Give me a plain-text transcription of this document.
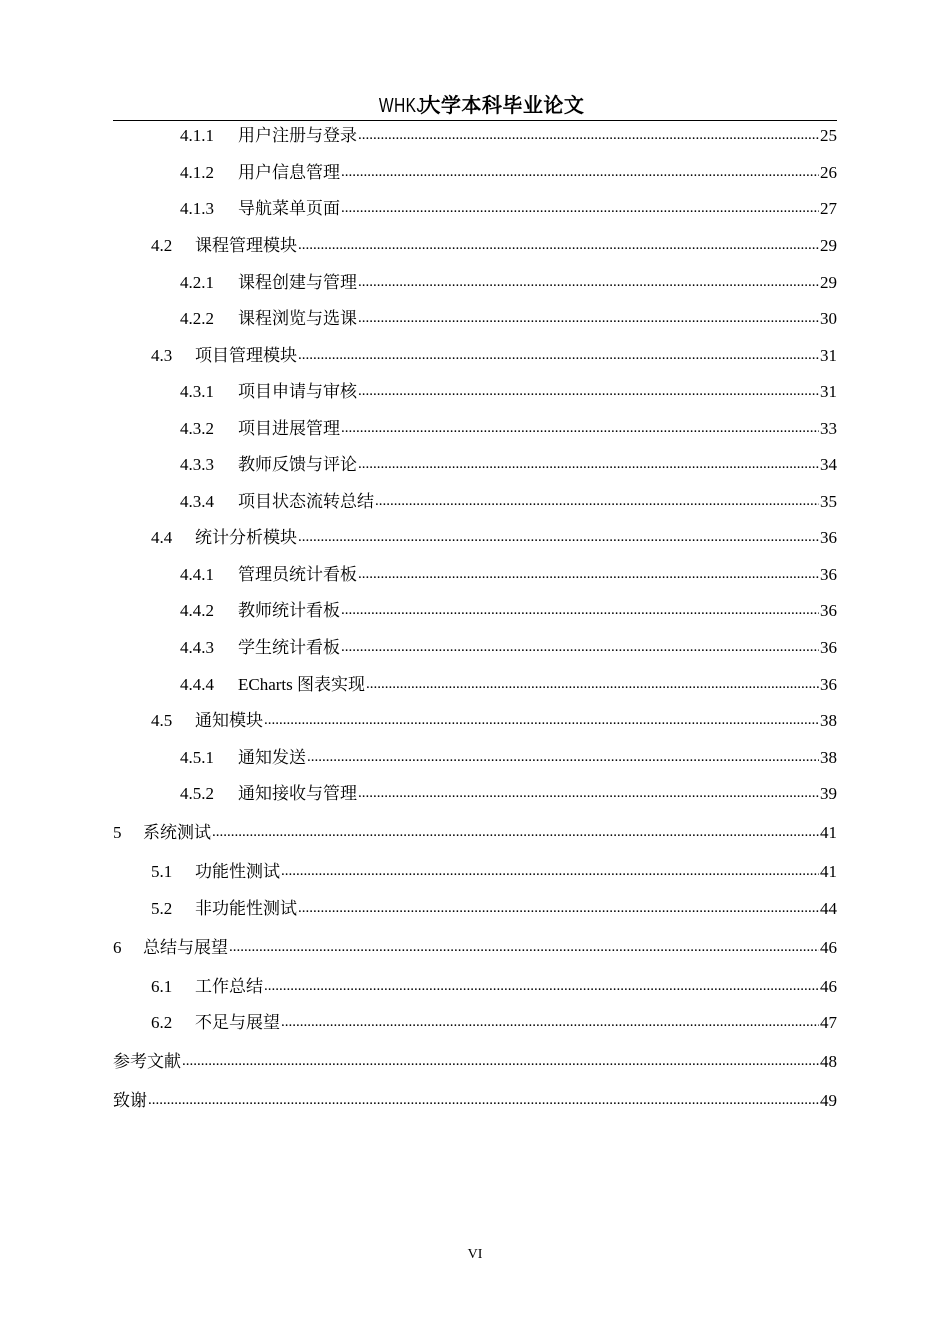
WHKJ大学本科毕业论文
4.1.1	用户注册与登录 .....	25
4.1.2	用户信息管理 .....	26
4.1.3	导航菜单页面 .....	27
4.2	课程管理模块 .....	29
4.2.1	课程创建与管理 .....	29
4.2.2	课程浏览与选课 .....	30
4.3	项目管理模块 .....	31
4.3.1	项目申请与审核 .....	31
4.3.2	项目进展管理 .....	33
4.3.3	教师反馈与评论 .....	34
4.3.4	项目状态流转总结 .....	35
4.4	统计分析模块 .....	36
4.4.1	管理员统计看板 .....	36
4.4.2	教师统计看板 .....	36
4.4.3	学生统计看板 .....	36
4.4.4	ECharts 图表实现 .....	36
4.5	通知模块 .....	38
4.5.1	通知发送 .....	38
4.5.2	通知接收与管理 .....	39
5	系统测试 .....	41
5.1	功能性测试 .....	41
5.2	非功能性测试 .....	44
6	总结与展望 .....	46
6.1	工作总结 .....	46
6.2	不足与展望 .....	47
参考文献 .....	48
致谢 .....	49
VI
